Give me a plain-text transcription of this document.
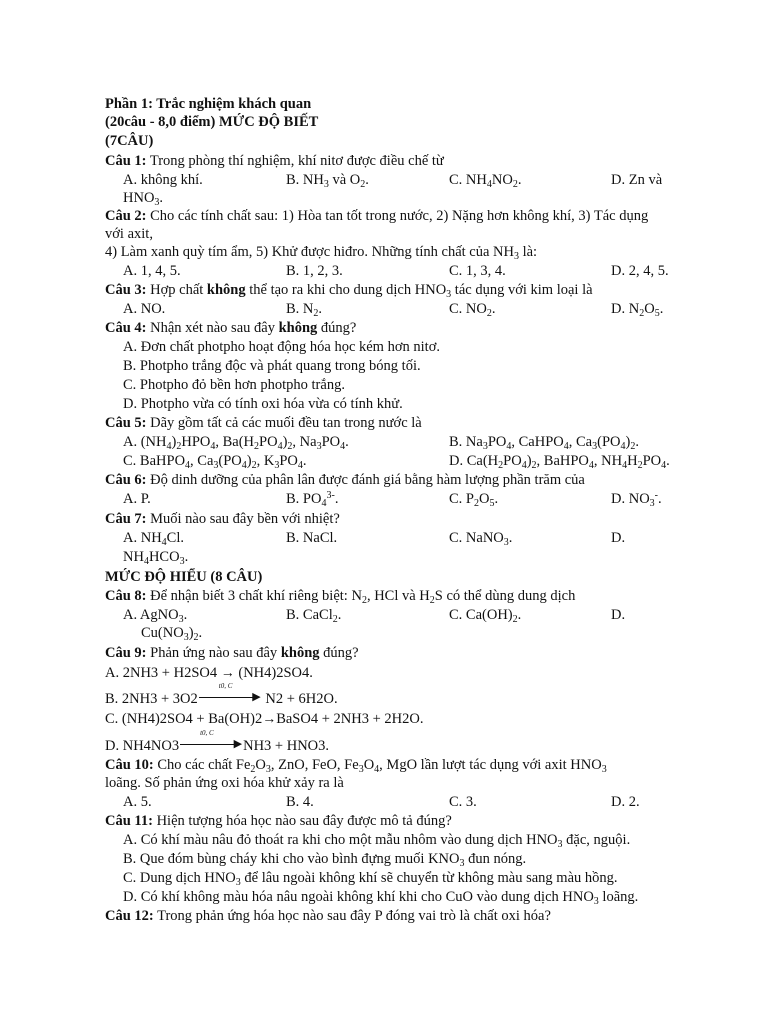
Phần 1: Trắc nghiệm khách quan
(20câu - 8,0 điểm) MỨC ĐỘ BIẾT
(7CÂU)
Câu 1: Trong phòng thí nghiệm, khí nitơ được điều chế từ
A. không khí.	B. $NH_3$ và $O_2$.	C. $NH_4NO_2$.	D. Zn và
$HNO_3$.
Câu 2: Cho các tính chất sau: 1) Hòa tan tốt trong nước, 2) Nặng hơn không khí, 3) Tác dụng
với axit,
4) Làm xanh quỳ tím ẩm, 5) Khử được hiđro. Những tính chất của $NH_3$ là:
A. 1, 4, 5.	B. 1, 2, 3.	C. 1, 3, 4.	D. 2, 4, 5.
Câu 3: Hợp chất không thể tạo ra khi cho dung dịch $HNO_3$ tác dụng với kim loại là
A. NO.	B. $N_2$.	C. $NO_2$.	D. $N_2O_5$.
Câu 4: Nhận xét nào sau đây không đúng?
A. Đơn chất photpho hoạt động hóa học kém hơn nitơ.
B. Photpho trắng độc và phát quang trong bóng tối.
C. Photpho đỏ bền hơn photpho trắng.
D. Photpho vừa có tính oxi hóa vừa có tính khử.
Câu 5: Dãy gồm tất cả các muối đều tan trong nước là
A. $(NH_4)_2HPO_4$, $Ba(H_2PO_4)_2$, $Na_3PO_4$.	B. $Na_3PO_4$, CaHPO$_4$, $Ca_3(PO_4)_2$.
C. BaHPO$_4$, $Ca_3(PO_4)_2$, $K_3PO_4$.	D. $Ca(H_2PO_4)_2$, BaHPO$_4$, $NH_4H_2PO_4$.
Câu 6: Độ dinh dưỡng của phân lân được đánh giá bằng hàm lượng phần trăm của
A. P.	B. $PO_4^{3-}$.	C. $P_2O_5$.	D. $NO_3^-$.
Câu 7: Muối nào sau đây bền với nhiệt?
A. $NH_4Cl$.	B. NaCl.	C. NaNO$_3$.	D.
$NH_4HCO_3$.
MỨC ĐỘ HIỂU (8 CÂU)
Câu 8: Để nhận biết 3 chất khí riêng biệt: $N_2$, HCl và $H_2S$ có thể dùng dung dịch
A. AgNO$_3$.	B. CaCl$_2$.	C. $Ca(OH)_2$.	D.
$Cu(NO_3)_2$.
Câu 9: Phản ứng nào sau đây không đúng?
A. 2NH3 + H2SO4 → (NH4)2SO4.
B. 2NH3 + 3O2
t0, C
▶ N2 + 6H2O.
C. (NH4)2SO4 + Ba(OH)2→BaSO4 + 2NH3 + 2H2O.
D. NH4NO3
t0, C
▶ NH3 + HNO3.
Câu 10: Cho các chất $Fe_2O_3$, ZnO, FeO, $Fe_3O_4$, MgO lần lượt tác dụng với axit $HNO_3$
loãng. Số phản ứng oxi hóa khử xảy ra là
A. 5.	B. 4.	C. 3.	D. 2.
Câu 11: Hiện tượng hóa học nào sau đây được mô tả đúng?
A. Có khí màu nâu đỏ thoát ra khi cho một mẫu nhôm vào dung dịch $HNO_3$ đặc, nguội.
B. Que đóm bùng cháy khi cho vào bình đựng muối $KNO_3$ đun nóng.
C. Dung dịch $HNO_3$ để lâu ngoài không khí sẽ chuyển từ không màu sang màu hồng.
D. Có khí không màu hóa nâu ngoài không khí khi cho CuO vào dung dịch $HNO_3$ loãng.
Câu 12: Trong phản ứng hóa học nào sau đây P đóng vai trò là chất oxi hóa?
